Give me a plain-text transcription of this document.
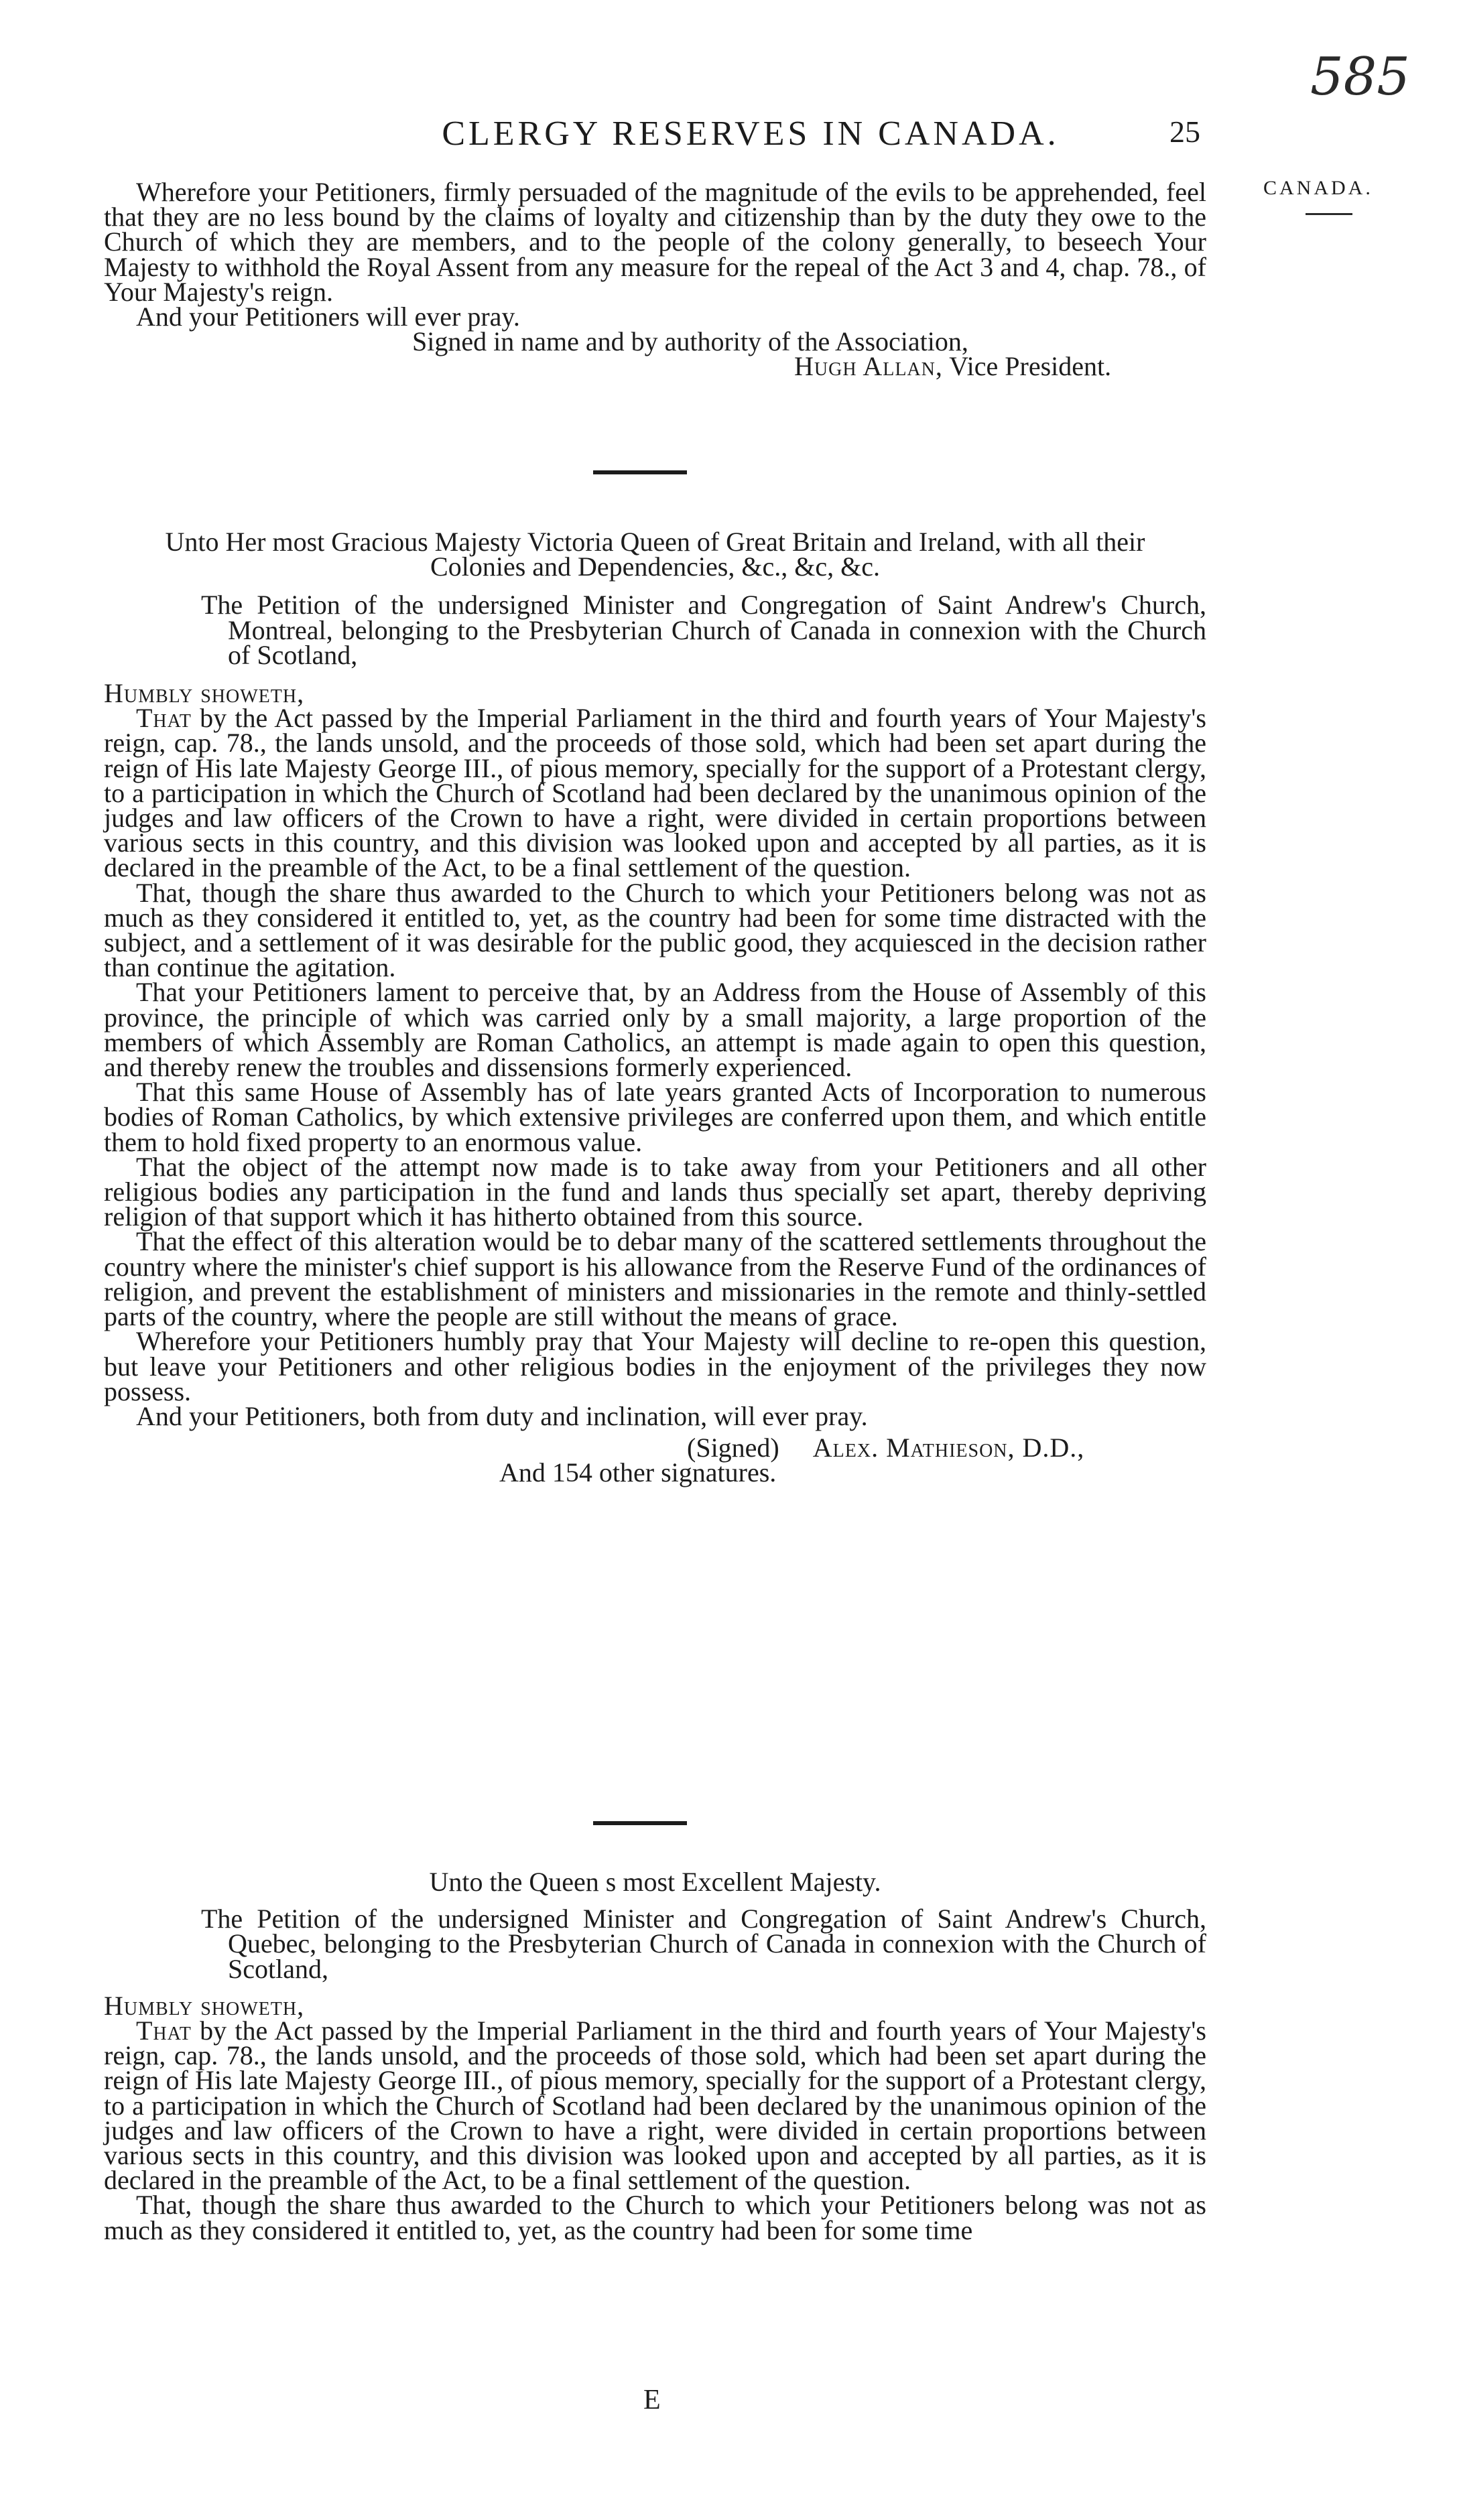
585
CLERGY RESERVES IN CANADA.	25
CANADA.

Wherefore your Petitioners, firmly persuaded of the magnitude of the evils to be apprehended, feel that they are no less bound by the claims of loyalty and citizenship than by the duty they owe to the Church of which they are members, and to the people of the colony generally, to beseech Your Majesty to withhold the Royal Assent from any measure for the repeal of the Act 3 and 4, chap. 78., of Your Majesty's reign.

And your Petitioners will ever pray.

Signed in name and by authority of the Association,

Hugh Allan, Vice President.

Unto Her most Gracious Majesty Victoria Queen of Great Britain and Ireland, with all their Colonies and Dependencies, &c., &c, &c.

The Petition of the undersigned Minister and Congregation of Saint Andrew's Church, Montreal, belonging to the Presbyterian Church of Canada in connexion with the Church of Scotland,

Humbly showeth,

That by the Act passed by the Imperial Parliament in the third and fourth years of Your Majesty's reign, cap. 78., the lands unsold, and the proceeds of those sold, which had been set apart during the reign of His late Majesty George III., of pious memory, specially for the support of a Protestant clergy, to a participation in which the Church of Scotland had been declared by the unanimous opinion of the judges and law officers of the Crown to have a right, were divided in certain proportions between various sects in this country, and this division was looked upon and accepted by all parties, as it is declared in the preamble of the Act, to be a final settlement of the question.

That, though the share thus awarded to the Church to which your Petitioners belong was not as much as they considered it entitled to, yet, as the country had been for some time distracted with the subject, and a settlement of it was desirable for the public good, they acquiesced in the decision rather than continue the agitation.

That your Petitioners lament to perceive that, by an Address from the House of Assembly of this province, the principle of which was carried only by a small majority, a large proportion of the members of which Assembly are Roman Catholics, an attempt is made again to open this question, and thereby renew the troubles and dissensions formerly experienced.

That this same House of Assembly has of late years granted Acts of Incorporation to numerous bodies of Roman Catholics, by which extensive privileges are conferred upon them, and which entitle them to hold fixed property to an enormous value.

That the object of the attempt now made is to take away from your Petitioners and all other religious bodies any participation in the fund and lands thus specially set apart, thereby depriving religion of that support which it has hitherto obtained from this source.

That the effect of this alteration would be to debar many of the scattered settlements throughout the country where the minister's chief support is his allowance from the Reserve Fund of the ordinances of religion, and prevent the establishment of ministers and missionaries in the remote and thinly-settled parts of the country, where the people are still without the means of grace.

Wherefore your Petitioners humbly pray that Your Majesty will decline to re-open this question, but leave your Petitioners and other religious bodies in the enjoyment of the privileges they now possess.

And your Petitioners, both from duty and inclination, will ever pray.

(Signed) Alex. Mathieson, D.D.,

And 154 other signatures.

Unto the Queen s most Excellent Majesty.

The Petition of the undersigned Minister and Congregation of Saint Andrew's Church, Quebec, belonging to the Presbyterian Church of Canada in connexion with the Church of Scotland,

Humbly showeth,

That by the Act passed by the Imperial Parliament in the third and fourth years of Your Majesty's reign, cap. 78., the lands unsold, and the proceeds of those sold, which had been set apart during the reign of His late Majesty George III., of pious memory, specially for the support of a Protestant clergy, to a participation in which the Church of Scotland had been declared by the unanimous opinion of the judges and law officers of the Crown to have a right, were divided in certain proportions between various sects in this country, and this division was looked upon and accepted by all parties, as it is declared in the preamble of the Act, to be a final settlement of the question.

That, though the share thus awarded to the Church to which your Petitioners belong was not as much as they considered it entitled to, yet, as the country had been for some time

E
